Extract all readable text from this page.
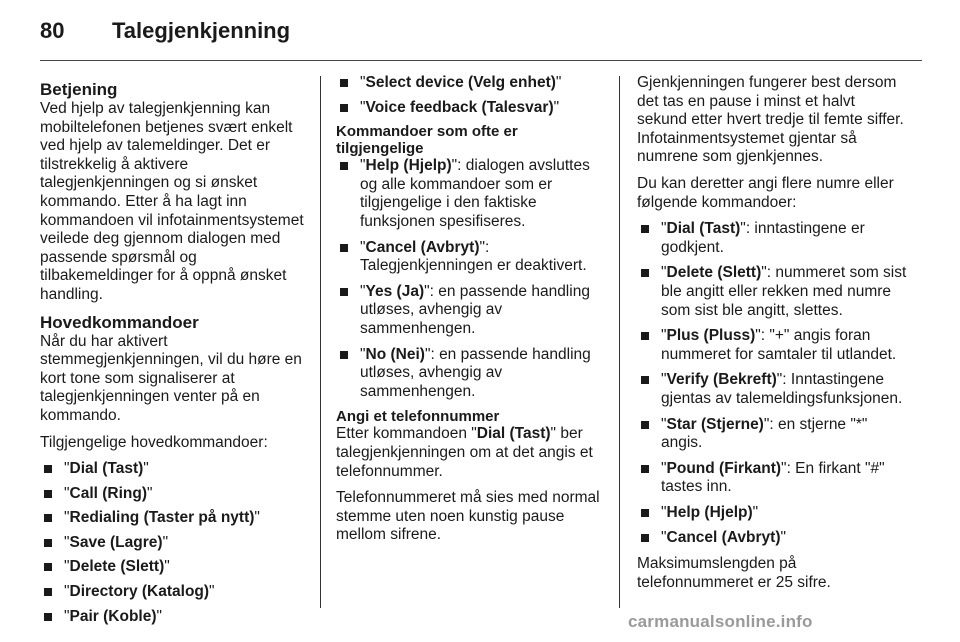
80 Talegjenkjenning
Betjening

Ved hjelp av talegjenkjenning kan mobiltelefonen betjenes svært enkelt ved hjelp av talemeldinger. Det er tilstrekkelig å aktivere talegjenkjenningen og si ønsket kommando. Etter å ha lagt inn kommandoen vil infotainmentsystemet veilede deg gjennom dialogen med passende spørsmål og tilbakemeldinger for å oppnå ønsket handling.

Hovedkommandoer

Når du har aktivert stemmegjenkjenningen, vil du høre en kort tone som signaliserer at talegjenkjenningen venter på en kommando.

Tilgjengelige hovedkommandoer:

"Dial (Tast)"
"Call (Ring)"
"Redialing (Taster på nytt)"
"Save (Lagre)"
"Delete (Slett)"
"Directory (Katalog)"
"Pair (Koble)"
"Select device (Velg enhet)"
"Voice feedback (Talesvar)"
Kommandoer som ofte er tilgjengelige
"Help (Hjelp)": dialogen avsluttes og alle kommandoer som er tilgjengelige i den faktiske funksjonen spesifiseres.
"Cancel (Avbryt)": Talegjenkjenningen er deaktivert.
"Yes (Ja)": en passende handling utløses, avhengig av sammenhengen.
"No (Nei)": en passende handling utløses, avhengig av sammenhengen.
Angi et telefonnummer

Etter kommandoen "Dial (Tast)" ber talegjenkjenningen om at det angis et telefonnummer.

Telefonnummeret må sies med normal stemme uten noen kunstig pause mellom sifrene.

Gjenkjenningen fungerer best dersom det tas en pause i minst et halvt sekund etter hvert tredje til femte siffer. Infotainmentsystemet gjentar så numrene som gjenkjennes.

Du kan deretter angi flere numre eller følgende kommandoer:

"Dial (Tast)": inntastingene er godkjent.
"Delete (Slett)": nummeret som sist ble angitt eller rekken med numre som sist ble angitt, slettes.
"Plus (Pluss)": "+" angis foran nummeret for samtaler til utlandet.
"Verify (Bekreft)": Inntastingene gjentas av talemeldingsfunksjonen.
"Star (Stjerne)": en stjerne "*" angis.
"Pound (Firkant)": En firkant "#" tastes inn.
"Help (Hjelp)"
"Cancel (Avbryt)"

Maksimumslengden på telefonnummeret er 25 sifre.

carmanualsonline.info
